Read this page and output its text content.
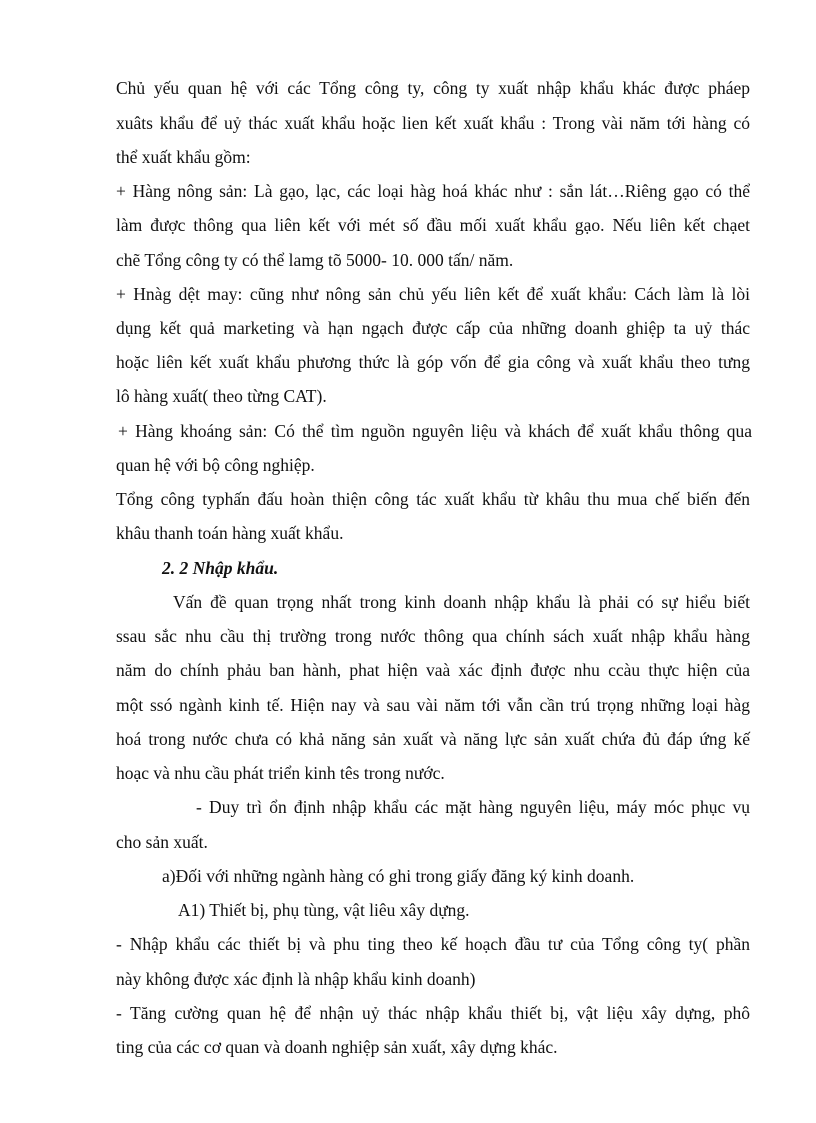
Chủ yếu quan hệ với các Tổng công ty, công ty xuất nhập khẩu khác được pháep
xuâts khẩu để uỷ thác xuất khẩu hoặc lien kết xuất khẩu : Trong vài năm tới hàng có
thể xuất khẩu gồm:
+ Hàng nông sản: Là gạo, lạc, các loại hàg hoá khác như : sắn lát…Riêng gạo có thể
làm được thông qua liên kết với mét số đầu mối xuất khẩu gạo. Nếu liên kết chạet
chẽ Tổng công ty có thể lamg tõ 5000- 10. 000 tấn/ năm.
+ Hnàg dệt may: cũng như nông sản chủ yếu liên kết để xuất khẩu: Cách làm là lòi
dụng kết quả marketing và hạn ngạch được cấp của những doanh ghiệp ta uỷ thác
hoặc liên kết xuất khẩu phương thức là góp vốn để gia công và xuất khẩu theo tưng
lô hàng xuất( theo từng CAT).
+ Hàng khoáng sản: Có thể tìm nguồn nguyên liệu và khách để xuất khẩu thông qua
quan hệ với bộ công nghiệp.
Tổng công typhấn đấu hoàn thiện công tác xuất khẩu từ khâu thu mua chế biến đến
khâu thanh toán hàng xuất khẩu.
2. 2 Nhập khẩu.
Vấn đề quan trọng nhất trong kinh doanh nhập khẩu là phải có sự hiểu biết
ssau sắc nhu cầu thị trường trong nước thông qua chính sách xuất nhập khẩu hàng
năm do chính phảu ban hành, phat hiện vaà xác định được nhu ccàu thực hiện của
một ssó ngành kinh tế. Hiện nay và sau vài năm tới vẫn cần trú trọng những loại hàg
hoá trong nước chưa có khả năng sản xuất và năng lực sản xuất chứa đủ đáp ứng kế
hoạc và nhu cầu phát triển kinh tês trong nước.
- Duy trì ổn định nhập khẩu các mặt hàng nguyên liệu, máy móc phục vụ
cho sản xuất.
a)Đối với những ngành hàng có ghi trong giấy đăng ký kinh doanh.
A1) Thiết bị, phụ tùng, vật liêu xây dựng.
- Nhập khẩu các thiết bị và phu ting theo kế hoạch đầu tư của Tổng công ty( phần
này không được xác định là nhập khẩu kinh doanh)
- Tăng cường quan hệ để nhận uỷ thác nhập khẩu thiết bị, vật liệu xây dựng, phô
ting của các cơ quan và doanh nghiệp sản xuất, xây dựng khác.
